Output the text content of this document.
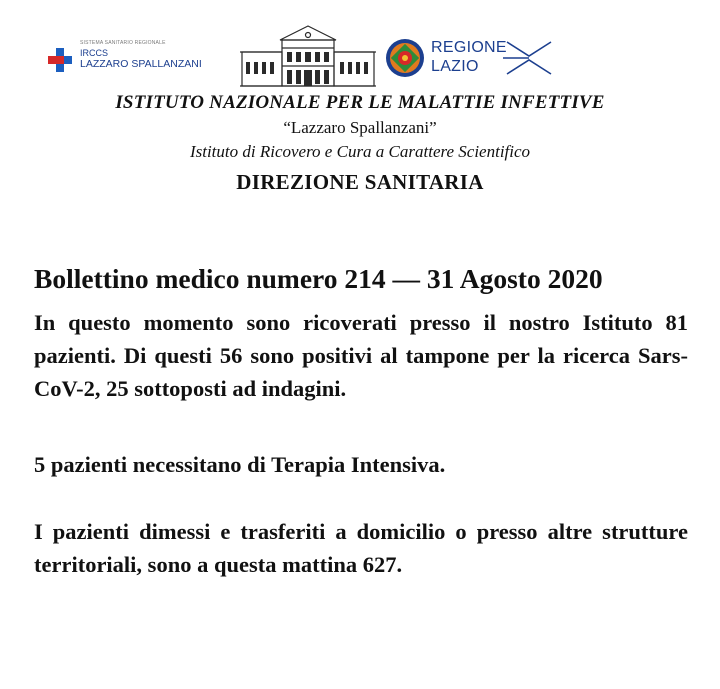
SISTEMA SANITARIO REGIONALE
IRCCS
LAZZARO SPALLANZANI
REGIONE
LAZIO
ISTITUTO NAZIONALE PER LE MALATTIE INFETTIVE
“Lazzaro Spallanzani”
Istituto di Ricovero e Cura a Carattere Scientifico
DIREZIONE SANITARIA

Bollettino medico numero 214 — 31 Agosto 2020

In questo momento sono ricoverati presso il nostro Istituto 81 pazienti. Di questi 56 sono positivi al tampone per la ricerca Sars-CoV-2, 25 sottoposti ad indagini.

5 pazienti necessitano di Terapia Intensiva.

I pazienti dimessi e trasferiti a domicilio o presso altre strutture territoriali, sono a questa mattina 627.
